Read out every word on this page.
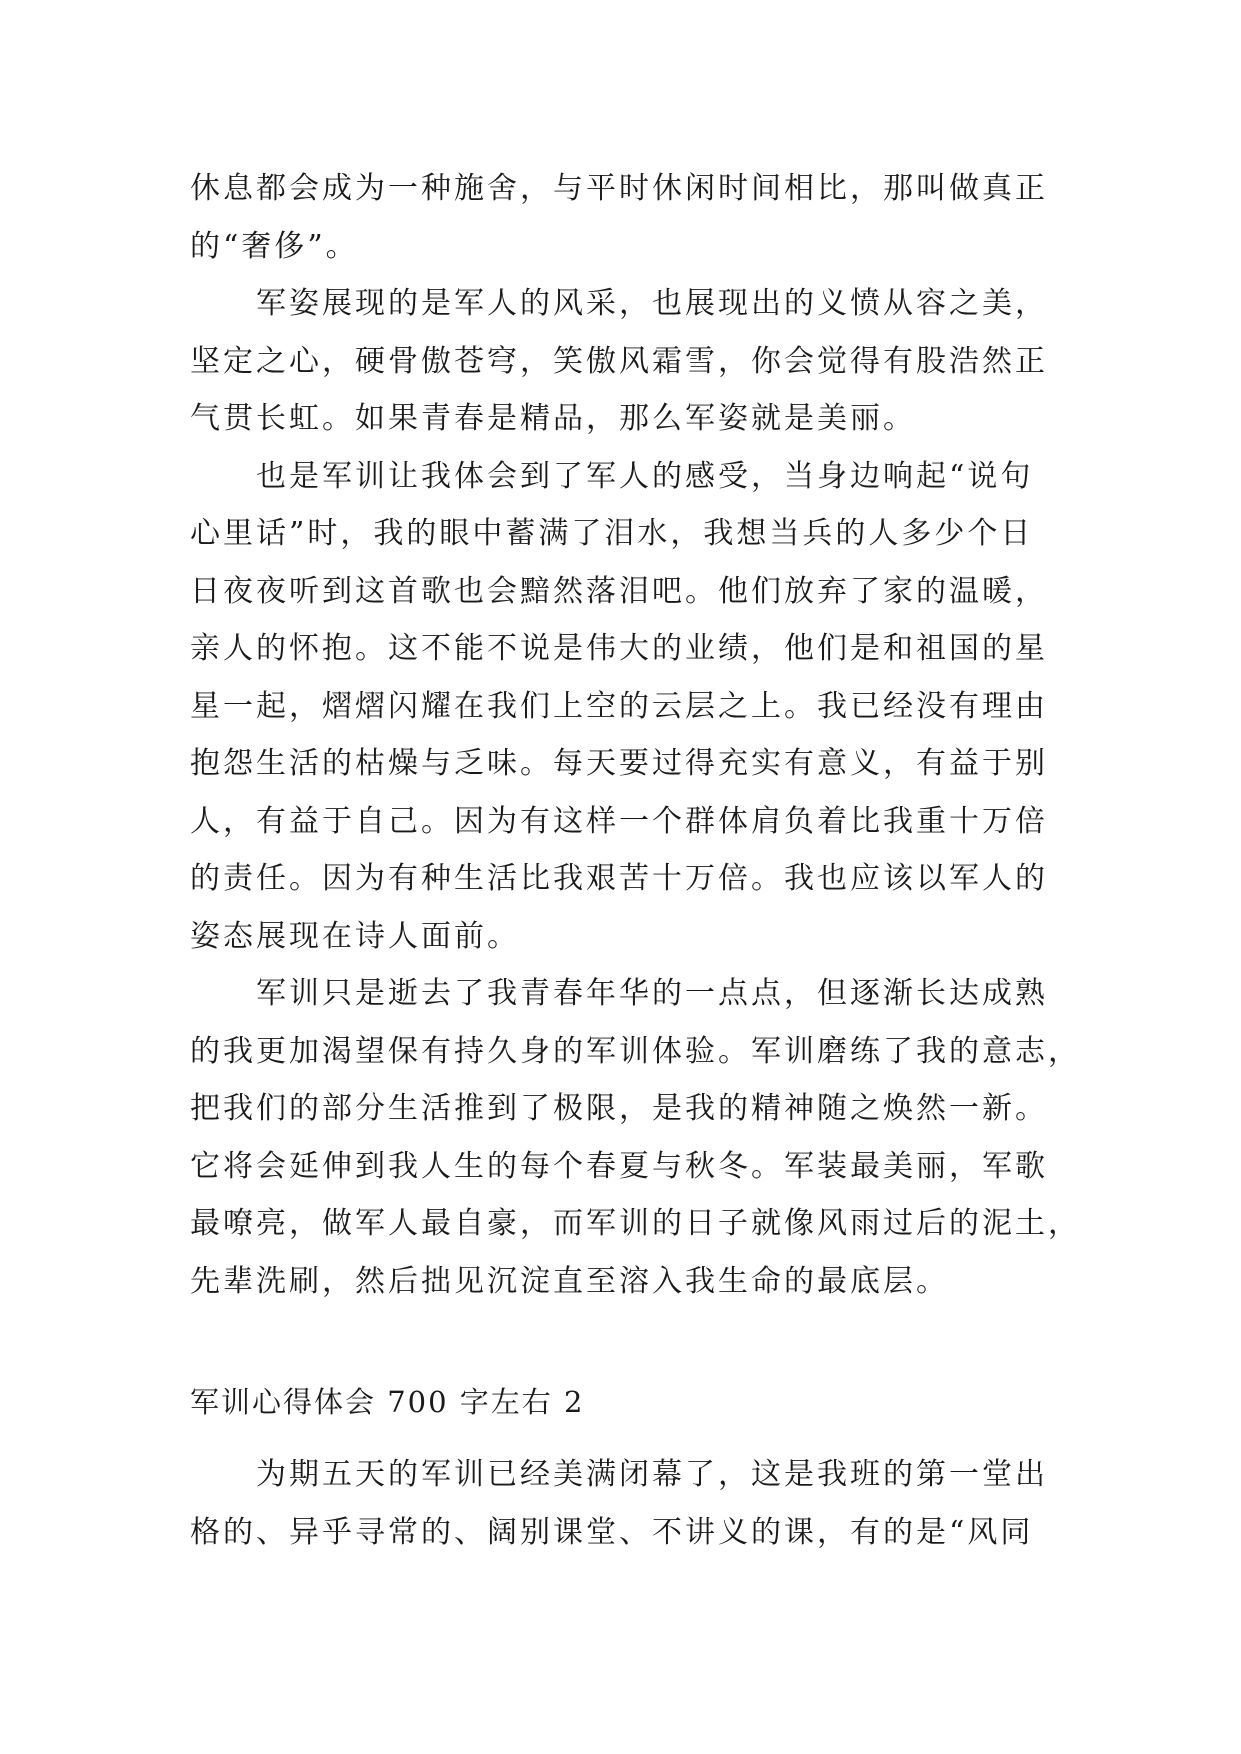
休息都会成为一种施舍，与平时休闲时间相比，那叫做真正
的“奢侈”。
军姿展现的是军人的风采，也展现出的义愤从容之美，
坚定之心，硬骨傲苍穹，笑傲风霜雪，你会觉得有股浩然正
气贯长虹。如果青春是精品，那么军姿就是美丽。
也是军训让我体会到了军人的感受，当身边响起“说句
心里话”时，我的眼中蓄满了泪水，我想当兵的人多少个日
日夜夜听到这首歌也会黯然落泪吧。他们放弃了家的温暖，
亲人的怀抱。这不能不说是伟大的业绩，他们是和祖国的星
星一起，熠熠闪耀在我们上空的云层之上。我已经没有理由
抱怨生活的枯燥与乏味。每天要过得充实有意义，有益于别
人，有益于自己。因为有这样一个群体肩负着比我重十万倍
的责任。因为有种生活比我艰苦十万倍。我也应该以军人的
姿态展现在诗人面前。
军训只是逝去了我青春年华的一点点，但逐渐长达成熟
的我更加渴望保有持久身的军训体验。军训磨练了我的意志，
把我们的部分生活推到了极限，是我的精神随之焕然一新。
它将会延伸到我人生的每个春夏与秋冬。军装最美丽，军歌
最嘹亮，做军人最自豪，而军训的日子就像风雨过后的泥土，
先辈洗刷，然后拙见沉淀直至溶入我生命的最底层。
军训心得体会 700 字左右 2
为期五天的军训已经美满闭幕了，这是我班的第一堂出
格的、异乎寻常的、阔别课堂、不讲义的课，有的是“风同
